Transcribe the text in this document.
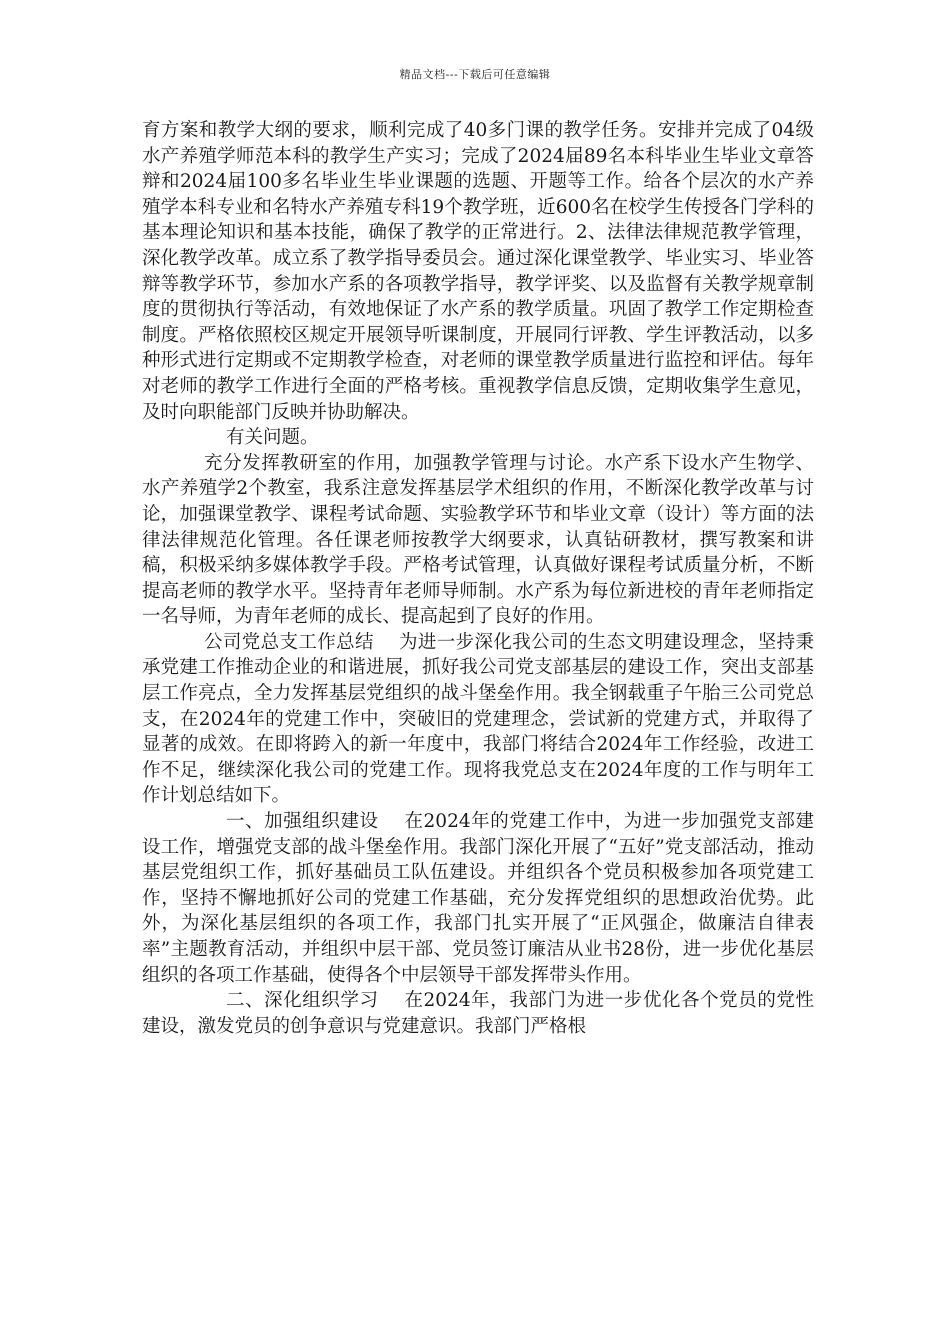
精品文档---下载后可任意编辑

育方案和教学大纲的要求，顺利完成了40多门课的教学任务。安排并完成了04级水产养殖学师范本科的教学生产实习；完成了2024届89名本科毕业生毕业文章答辩和2024届100多名毕业生毕业课题的选题、开题等工作。给各个层次的水产养殖学本科专业和名特水产养殖专科19个教学班，近600名在校学生传授各门学科的基本理论知识和基本技能，确保了教学的正常进行。2、法律法律规范教学管理，深化教学改革。成立系了教学指导委员会。通过深化课堂教学、毕业实习、毕业答辩等教学环节，参加水产系的各项教学指导，教学评奖、以及监督有关教学规章制度的贯彻执行等活动，有效地保证了水产系的教学质量。巩固了教学工作定期检查制度。严格依照校区规定开展领导听课制度，开展同行评教、学生评教活动，以多种形式进行定期或不定期教学检查，对老师的课堂教学质量进行监控和评估。每年对老师的教学工作进行全面的严格考核。重视教学信息反馈，定期收集学生意见，及时向职能部门反映并协助解决。

有关问题。

充分发挥教研室的作用，加强教学管理与讨论。水产系下设水产生物学、水产养殖学2个教室，我系注意发挥基层学术组织的作用，不断深化教学改革与讨论，加强课堂教学、课程考试命题、实验教学环节和毕业文章（设计）等方面的法律法律规范化管理。各任课老师按教学大纲要求，认真钻研教材，撰写教案和讲稿，积极采纳多媒体教学手段。严格考试管理，认真做好课程考试质量分析，不断提高老师的教学水平。坚持青年老师导师制。水产系为每位新进校的青年老师指定一名导师，为青年老师的成长、提高起到了良好的作用。

公司党总支工作总结    为进一步深化我公司的生态文明建设理念，坚持秉承党建工作推动企业的和谐进展，抓好我公司党支部基层的建设工作，突出支部基层工作亮点，全力发挥基层党组织的战斗堡垒作用。我全钢载重子午胎三公司党总支，在2024年的党建工作中，突破旧的党建理念，尝试新的党建方式，并取得了显著的成效。在即将跨入的新一年度中，我部门将结合2024年工作经验，改进工作不足，继续深化我公司的党建工作。现将我党总支在2024年度的工作与明年工作计划总结如下。

一、加强组织建设    在2024年的党建工作中，为进一步加强党支部建设工作，增强党支部的战斗堡垒作用。我部门深化开展了“五好”党支部活动，推动基层党组织工作，抓好基础员工队伍建设。并组织各个党员积极参加各项党建工作，坚持不懈地抓好公司的党建工作基础，充分发挥党组织的思想政治优势。此外，为深化基层组织的各项工作，我部门扎实开展了“正风强企，做廉洁自律表率”主题教育活动，并组织中层干部、党员签订廉洁从业书28份，进一步优化基层组织的各项工作基础，使得各个中层领导干部发挥带头作用。

二、深化组织学习    在2024年，我部门为进一步优化各个党员的党性建设，激发党员的创争意识与党建意识。我部门严格根
